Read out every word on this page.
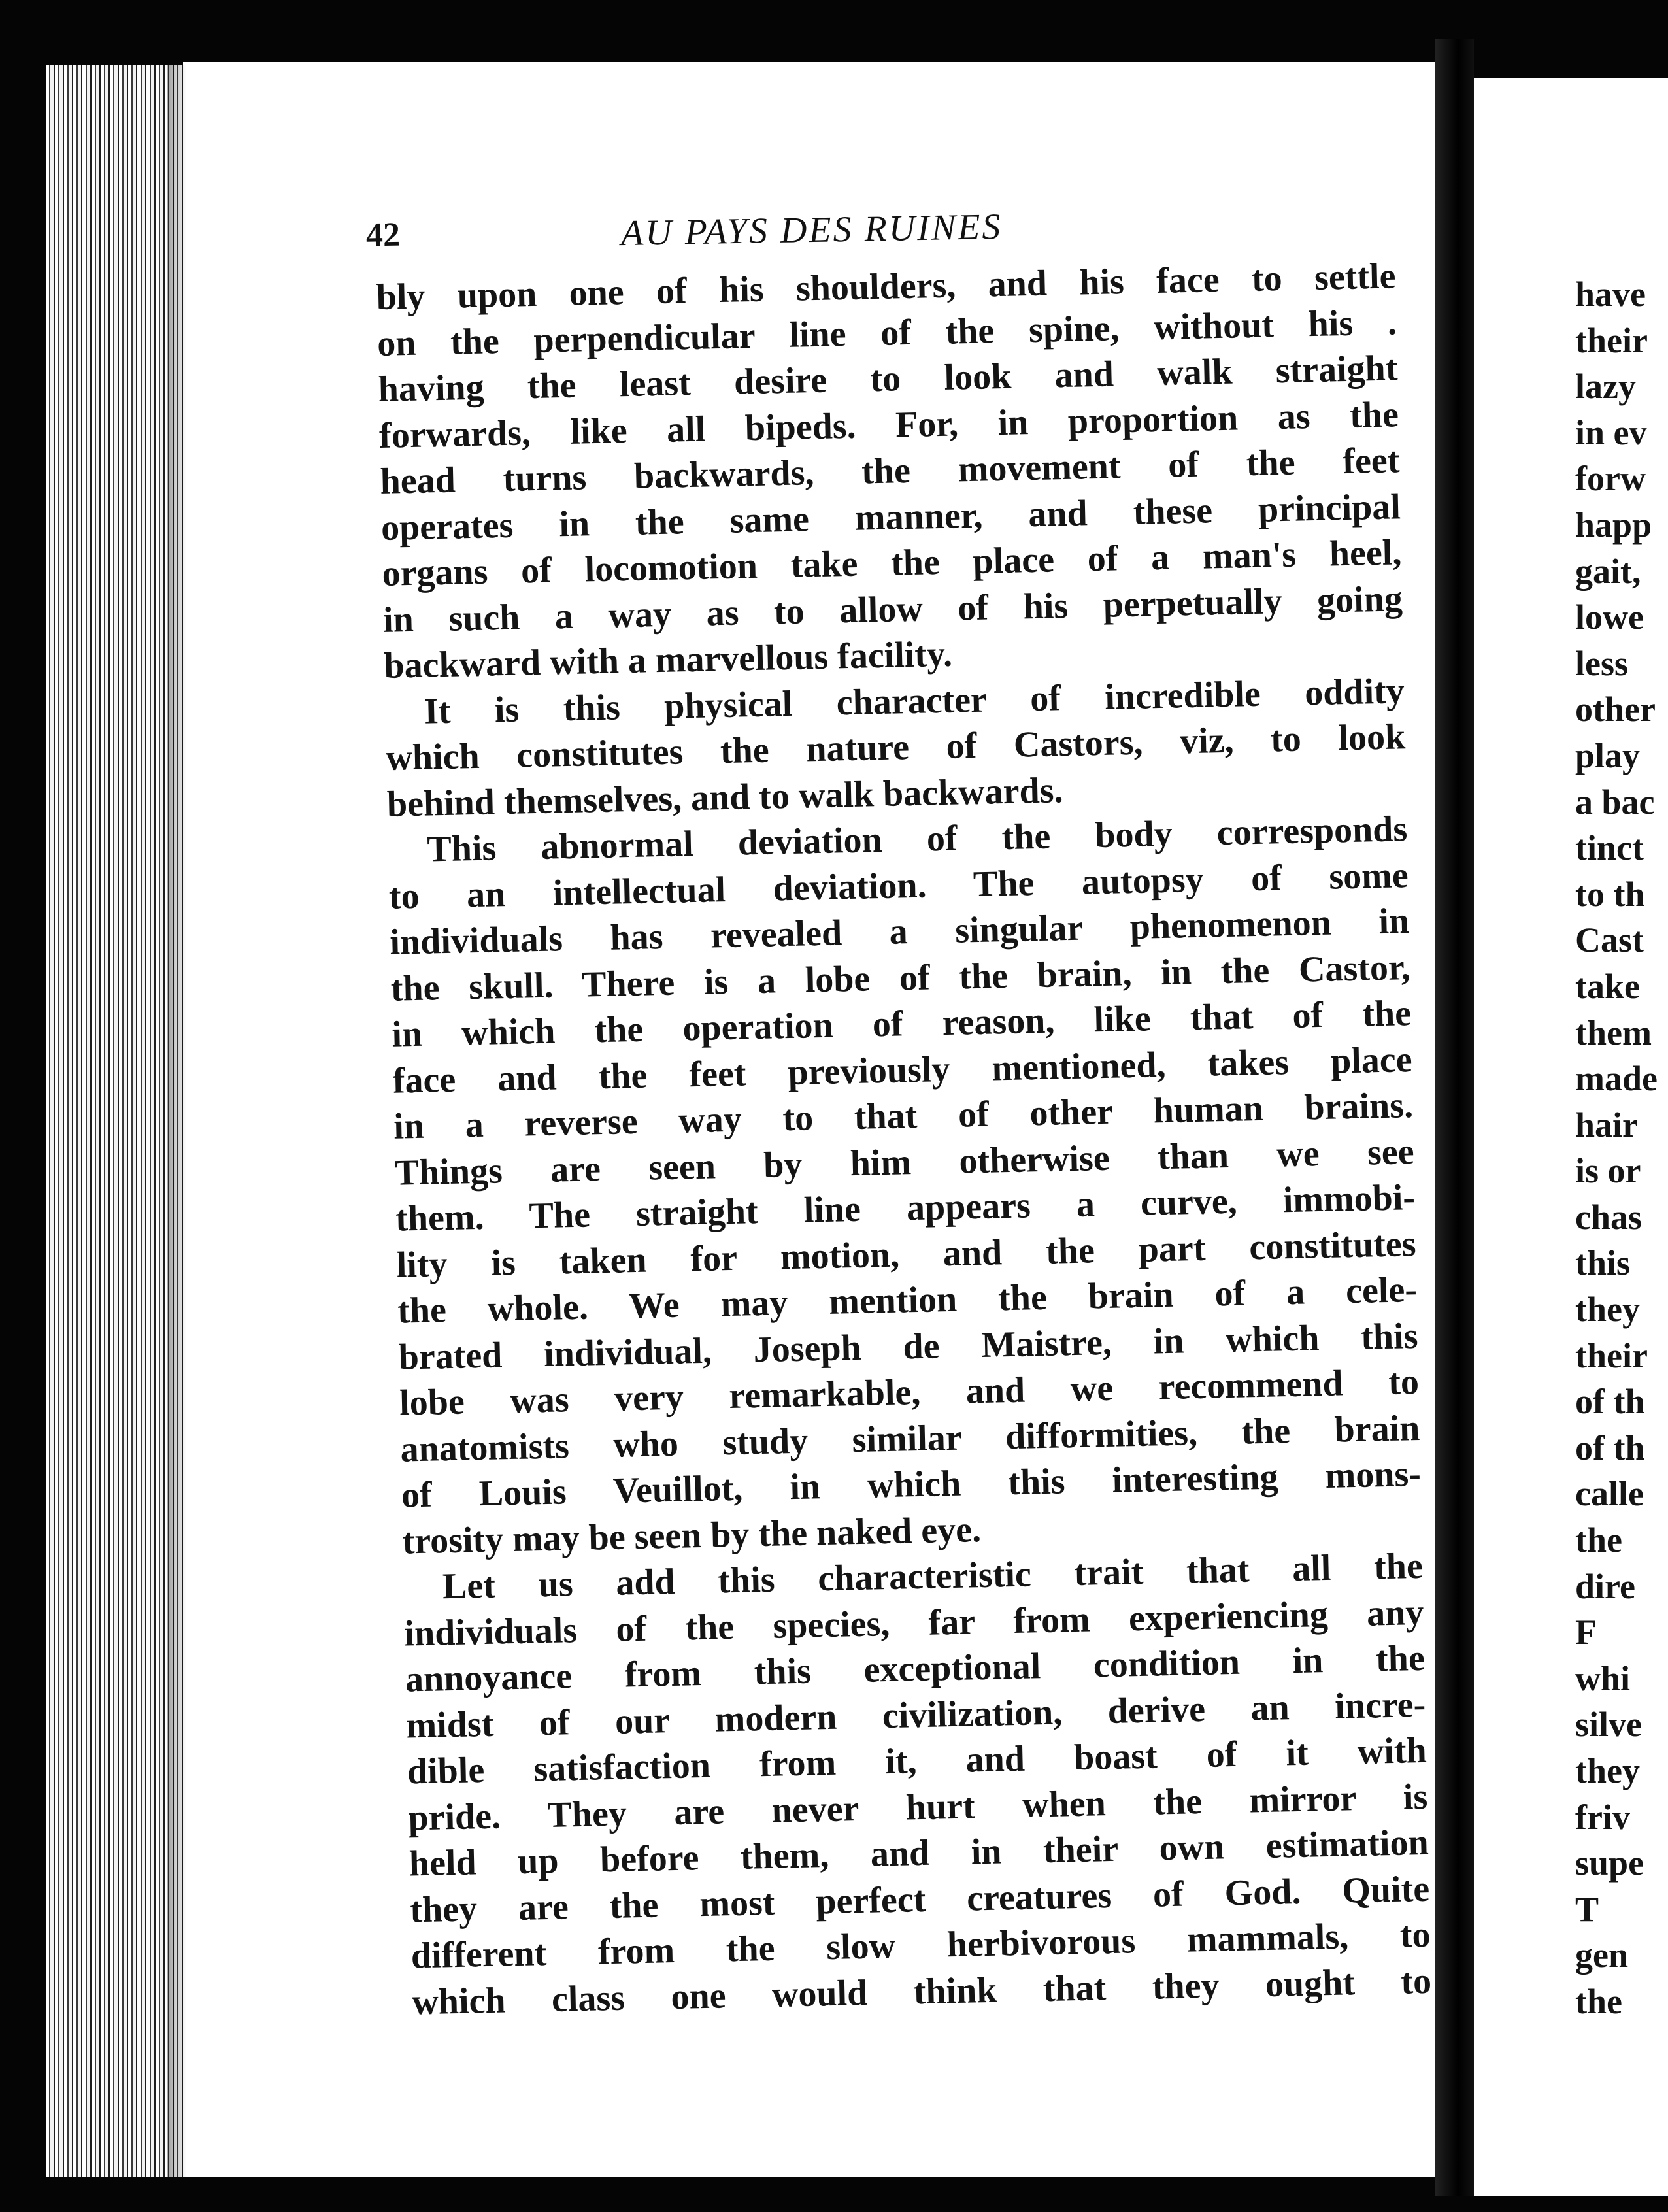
have
their
lazy
in ev
forw
happ
gait,
lowe
less
other
play
a bac
tinct
to th
Cast
take
them
made
hair
is or
chas
this
they
their
of th
of th
calle
the
dire
F
whi
silve
they
friv
supe
T
gen
the
42	AU PAYS DES RUINES
bly upon one of his shoulders, and his face to settle
on the perpendicular line of the spine, without his .
having the least desire to look and walk straight
forwards, like all bipeds. For, in proportion as the
head turns backwards, the movement of the feet
operates in the same manner, and these principal
organs of locomotion take the place of a man's heel,
in such a way as to allow of his perpetually going
backward with a marvellous facility.
It is this physical character of incredible oddity
which constitutes the nature of Castors, viz, to look
behind themselves, and to walk backwards.
This abnormal deviation of the body corresponds
to an intellectual deviation. The autopsy of some
individuals has revealed a singular phenomenon in
the skull. There is a lobe of the brain, in the Castor,
in which the operation of reason, like that of the
face and the feet previously mentioned, takes place
in a reverse way to that of other human brains.
Things are seen by him otherwise than we see
them. The straight line appears a curve, immobi-
lity is taken for motion, and the part constitutes
the whole. We may mention the brain of a cele-
brated individual, Joseph de Maistre, in which this
lobe was very remarkable, and we recommend to
anatomists who study similar difformities, the brain
of Louis Veuillot, in which this interesting mons-
trosity may be seen by the naked eye.
Let us add this characteristic trait that all the
individuals of the species, far from experiencing any
annoyance from this exceptional condition in the
midst of our modern civilization, derive an incre-
dible satisfaction from it, and boast of it with
pride. They are never hurt when the mirror is
held up before them, and in their own estimation
they are the most perfect creatures of God. Quite
different from the slow herbivorous mammals, to
which class one would think that they ought to
